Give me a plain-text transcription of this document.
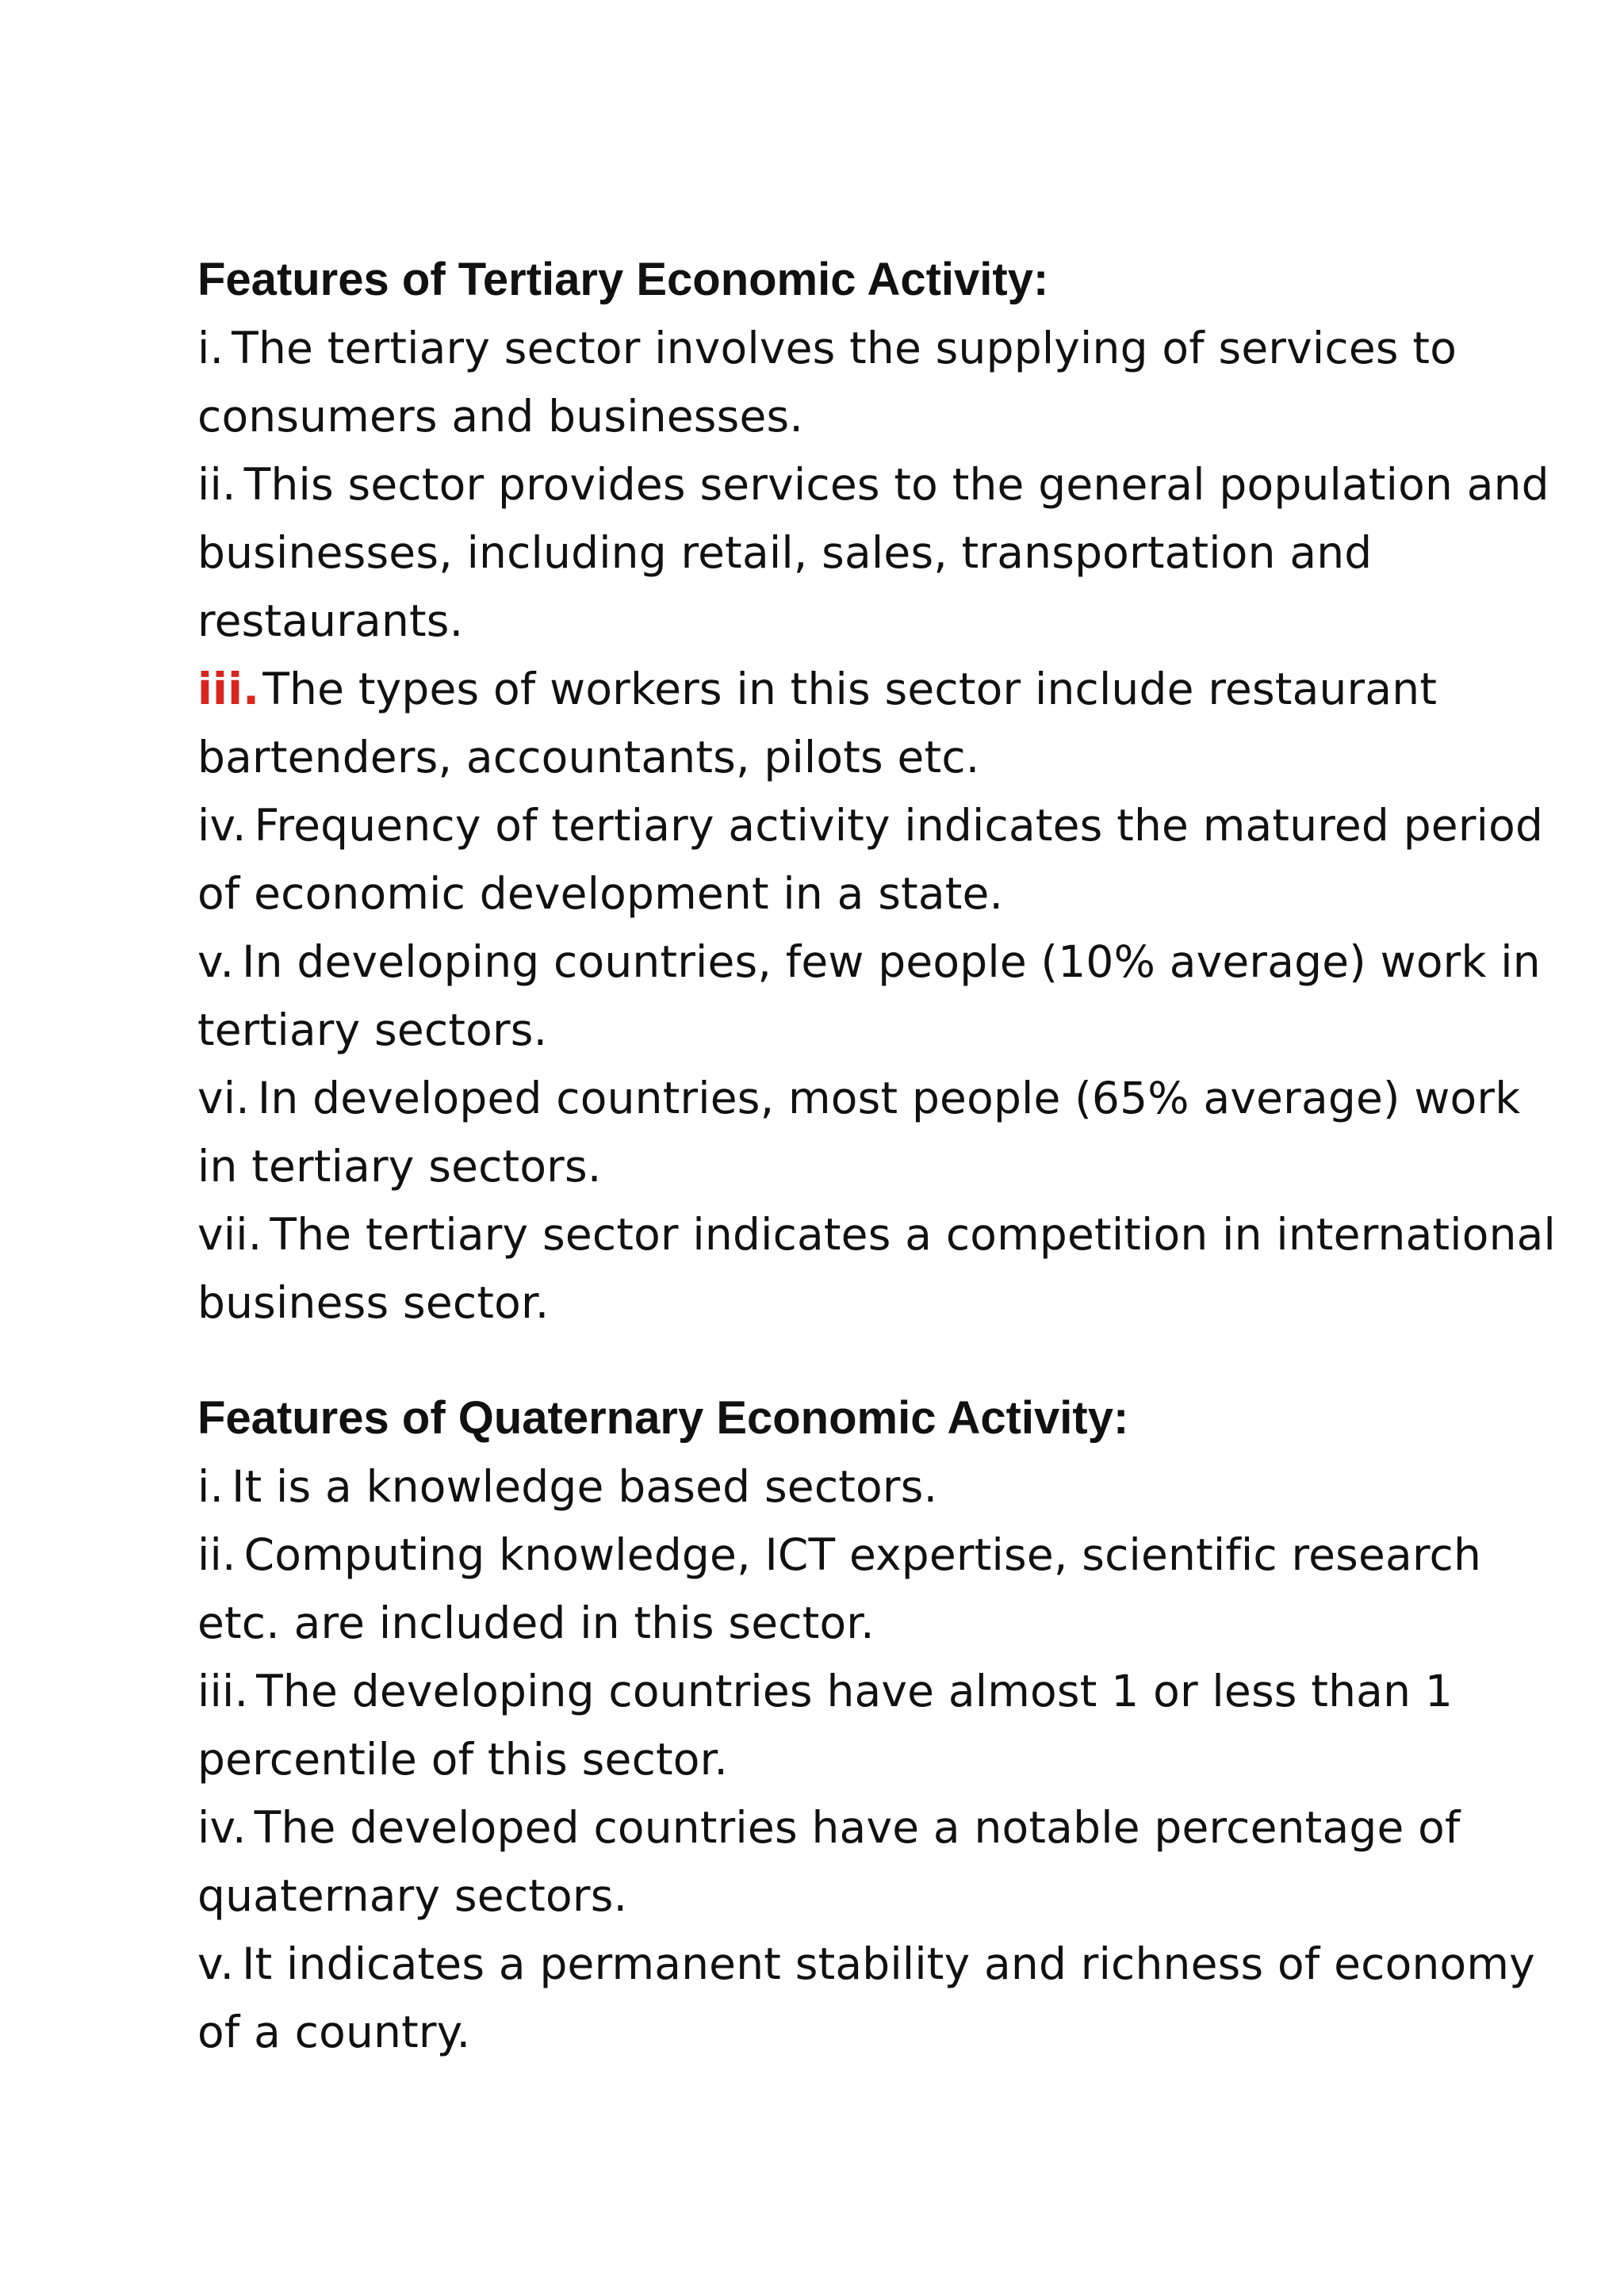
Features of Tertiary Economic Activity:

i. The tertiary sector involves the supplying of services to consumers and businesses.

ii. This sector provides services to the general population and businesses, including retail, sales, transportation and restaurants.

iii.The types of workers in this sector include restaurant bartenders, accountants, pilots etc.

iv. Frequency of tertiary activity indicates the matured period of economic development in a state.

v. In developing countries, few people (10% average) work in tertiary sectors.

vi. In developed countries, most people (65% average) work in tertiary sectors.

vii. The tertiary sector indicates a competition in international business sector.

Features of Quaternary Economic Activity:

i. It is a knowledge based sectors.

ii. Computing knowledge, ICT expertise, scientific research etc. are included in this sector.

iii. The developing countries have almost 1 or less than 1 percentile of this sector.

iv. The developed countries have a notable percentage of quaternary sectors.

v. It indicates a permanent stability and richness of economy of a country.
